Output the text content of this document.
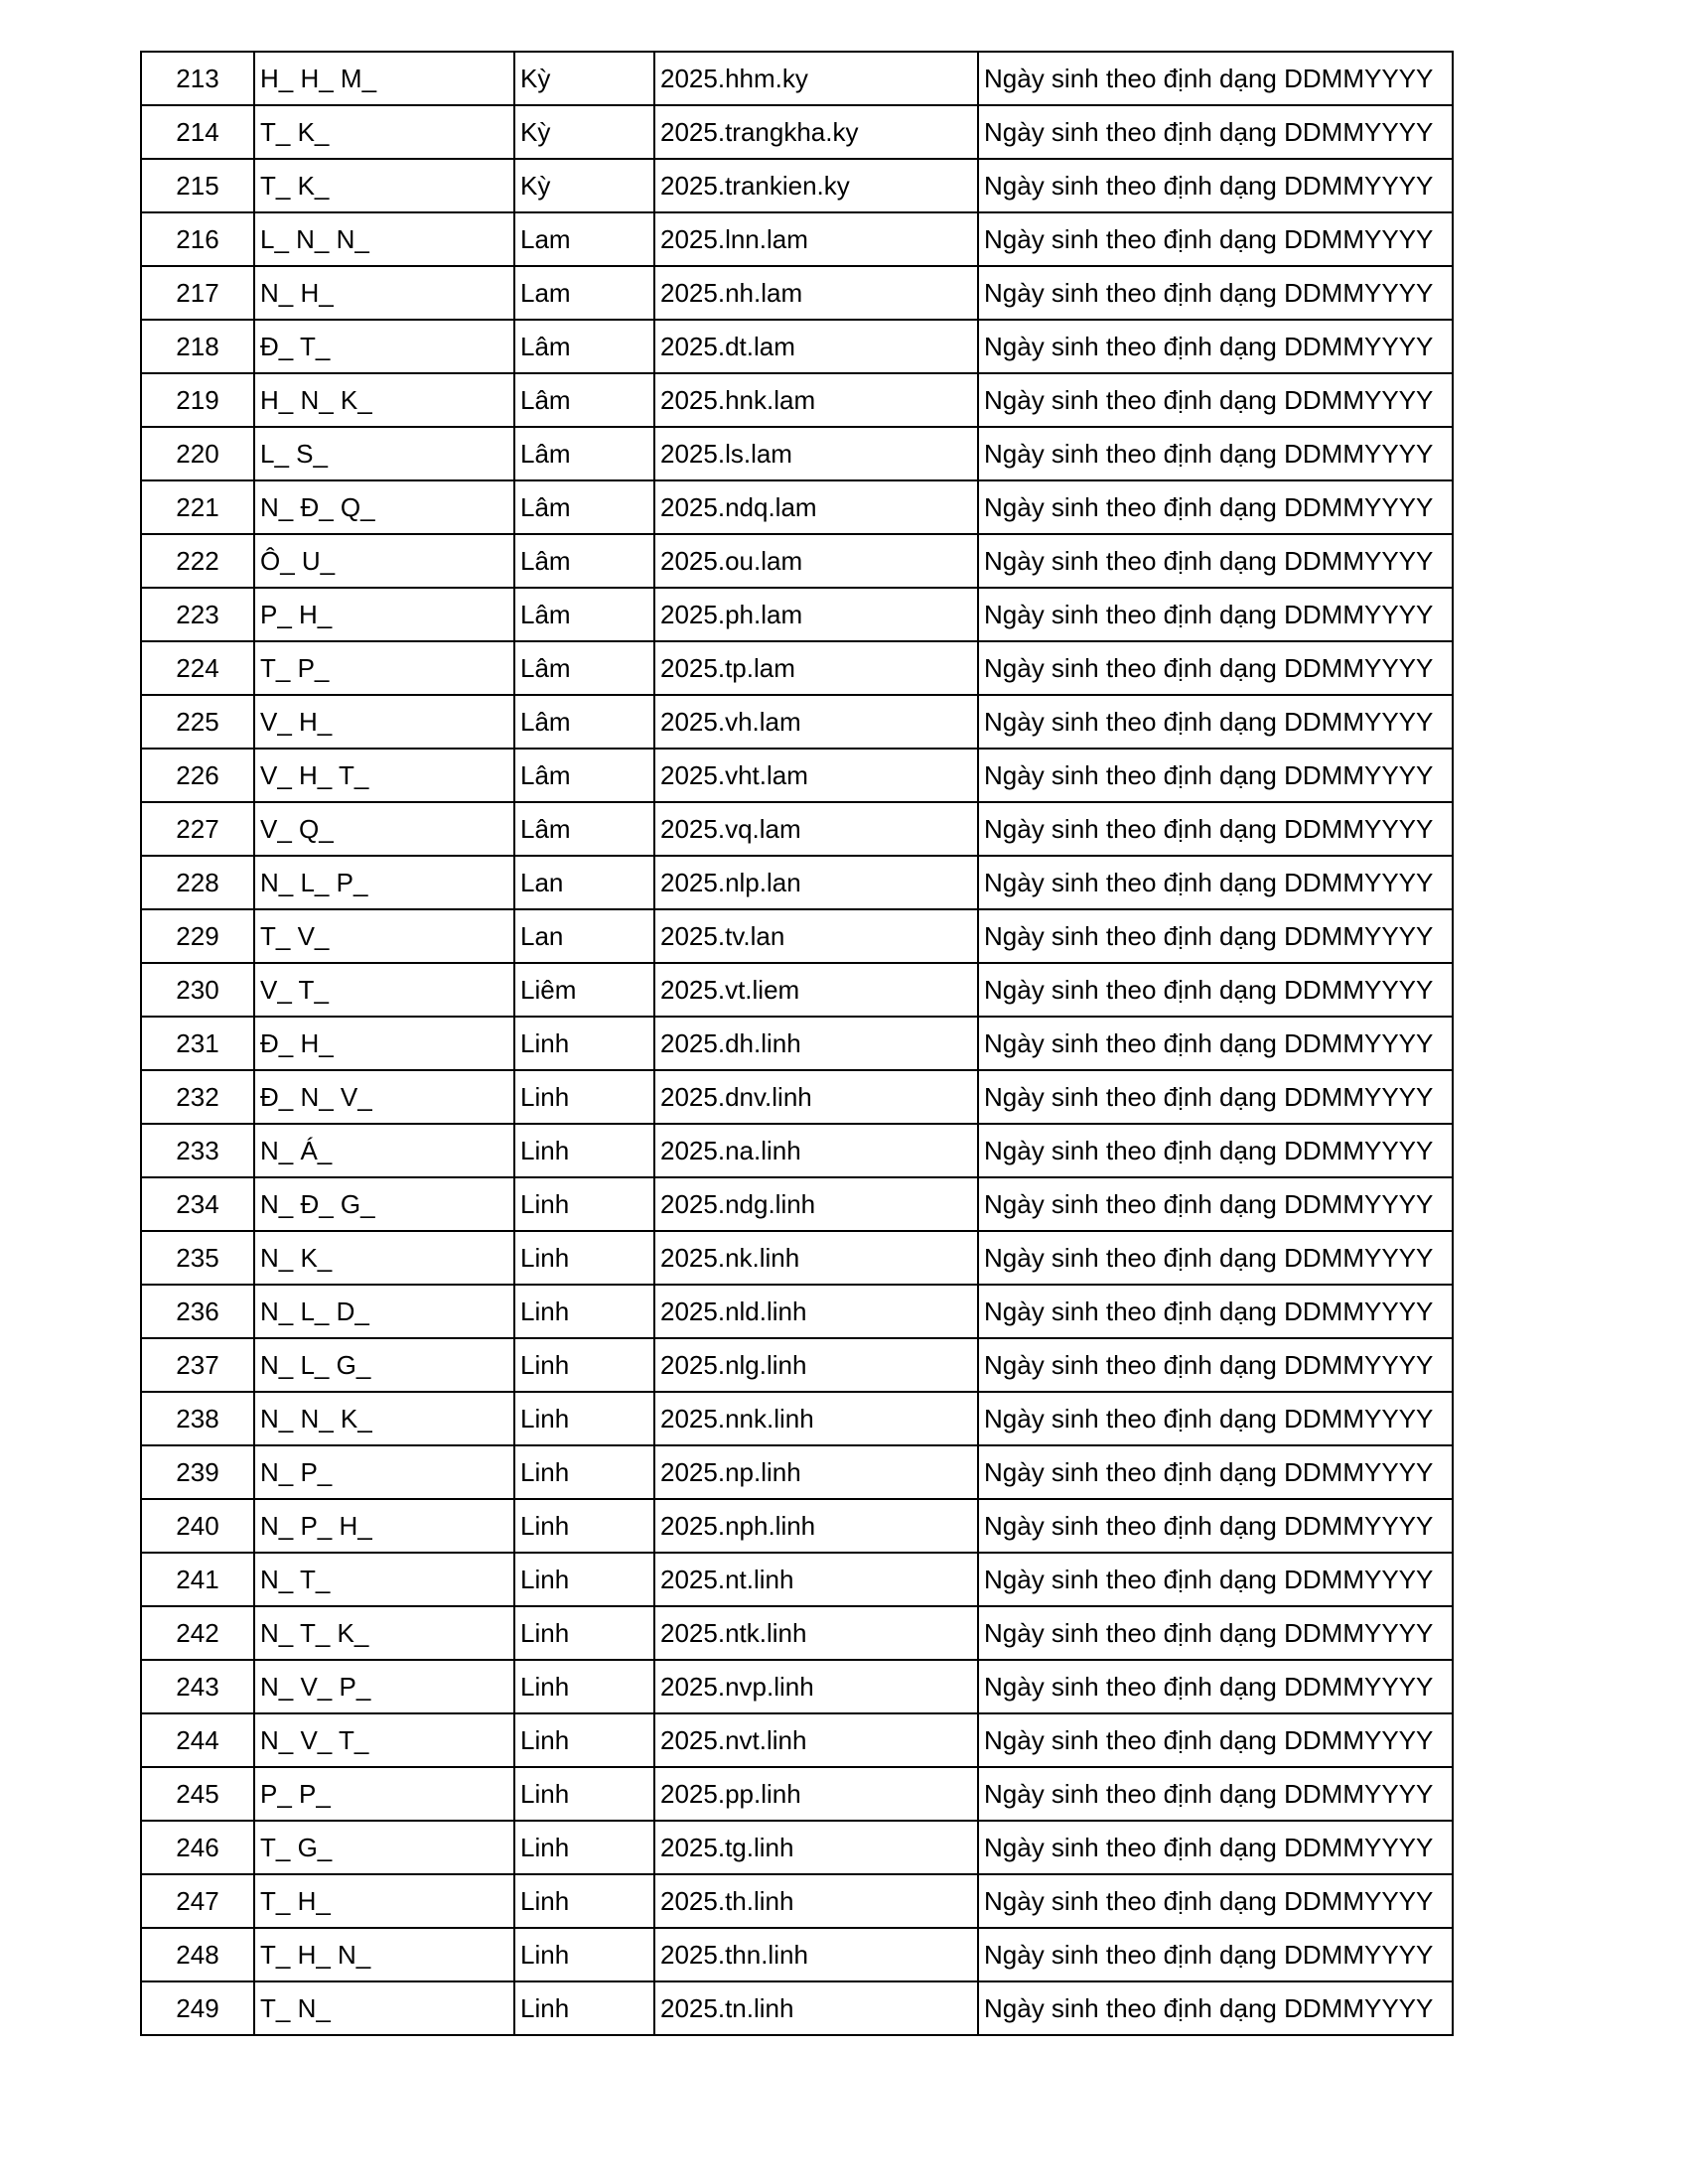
213	H_ H_ M_	Kỳ	2025.hhm.ky	Ngày sinh theo định dạng DDMMYYYY
214	T_ K_	Kỳ	2025.trangkha.ky	Ngày sinh theo định dạng DDMMYYYY
215	T_ K_	Kỳ	2025.trankien.ky	Ngày sinh theo định dạng DDMMYYYY
216	L_ N_ N_	Lam	2025.lnn.lam	Ngày sinh theo định dạng DDMMYYYY
217	N_ H_	Lam	2025.nh.lam	Ngày sinh theo định dạng DDMMYYYY
218	Đ_ T_	Lâm	2025.dt.lam	Ngày sinh theo định dạng DDMMYYYY
219	H_ N_ K_	Lâm	2025.hnk.lam	Ngày sinh theo định dạng DDMMYYYY
220	L_ S_	Lâm	2025.ls.lam	Ngày sinh theo định dạng DDMMYYYY
221	N_ Đ_ Q_	Lâm	2025.ndq.lam	Ngày sinh theo định dạng DDMMYYYY
222	Ô_ U_	Lâm	2025.ou.lam	Ngày sinh theo định dạng DDMMYYYY
223	P_ H_	Lâm	2025.ph.lam	Ngày sinh theo định dạng DDMMYYYY
224	T_ P_	Lâm	2025.tp.lam	Ngày sinh theo định dạng DDMMYYYY
225	V_ H_	Lâm	2025.vh.lam	Ngày sinh theo định dạng DDMMYYYY
226	V_ H_ T_	Lâm	2025.vht.lam	Ngày sinh theo định dạng DDMMYYYY
227	V_ Q_	Lâm	2025.vq.lam	Ngày sinh theo định dạng DDMMYYYY
228	N_ L_ P_	Lan	2025.nlp.lan	Ngày sinh theo định dạng DDMMYYYY
229	T_ V_	Lan	2025.tv.lan	Ngày sinh theo định dạng DDMMYYYY
230	V_ T_	Liêm	2025.vt.liem	Ngày sinh theo định dạng DDMMYYYY
231	Đ_ H_	Linh	2025.dh.linh	Ngày sinh theo định dạng DDMMYYYY
232	Đ_ N_ V_	Linh	2025.dnv.linh	Ngày sinh theo định dạng DDMMYYYY
233	N_ Á_	Linh	2025.na.linh	Ngày sinh theo định dạng DDMMYYYY
234	N_ Đ_ G_	Linh	2025.ndg.linh	Ngày sinh theo định dạng DDMMYYYY
235	N_ K_	Linh	2025.nk.linh	Ngày sinh theo định dạng DDMMYYYY
236	N_ L_ D_	Linh	2025.nld.linh	Ngày sinh theo định dạng DDMMYYYY
237	N_ L_ G_	Linh	2025.nlg.linh	Ngày sinh theo định dạng DDMMYYYY
238	N_ N_ K_	Linh	2025.nnk.linh	Ngày sinh theo định dạng DDMMYYYY
239	N_ P_	Linh	2025.np.linh	Ngày sinh theo định dạng DDMMYYYY
240	N_ P_ H_	Linh	2025.nph.linh	Ngày sinh theo định dạng DDMMYYYY
241	N_ T_	Linh	2025.nt.linh	Ngày sinh theo định dạng DDMMYYYY
242	N_ T_ K_	Linh	2025.ntk.linh	Ngày sinh theo định dạng DDMMYYYY
243	N_ V_ P_	Linh	2025.nvp.linh	Ngày sinh theo định dạng DDMMYYYY
244	N_ V_ T_	Linh	2025.nvt.linh	Ngày sinh theo định dạng DDMMYYYY
245	P_ P_	Linh	2025.pp.linh	Ngày sinh theo định dạng DDMMYYYY
246	T_ G_	Linh	2025.tg.linh	Ngày sinh theo định dạng DDMMYYYY
247	T_ H_	Linh	2025.th.linh	Ngày sinh theo định dạng DDMMYYYY
248	T_ H_ N_	Linh	2025.thn.linh	Ngày sinh theo định dạng DDMMYYYY
249	T_ N_	Linh	2025.tn.linh	Ngày sinh theo định dạng DDMMYYYY
